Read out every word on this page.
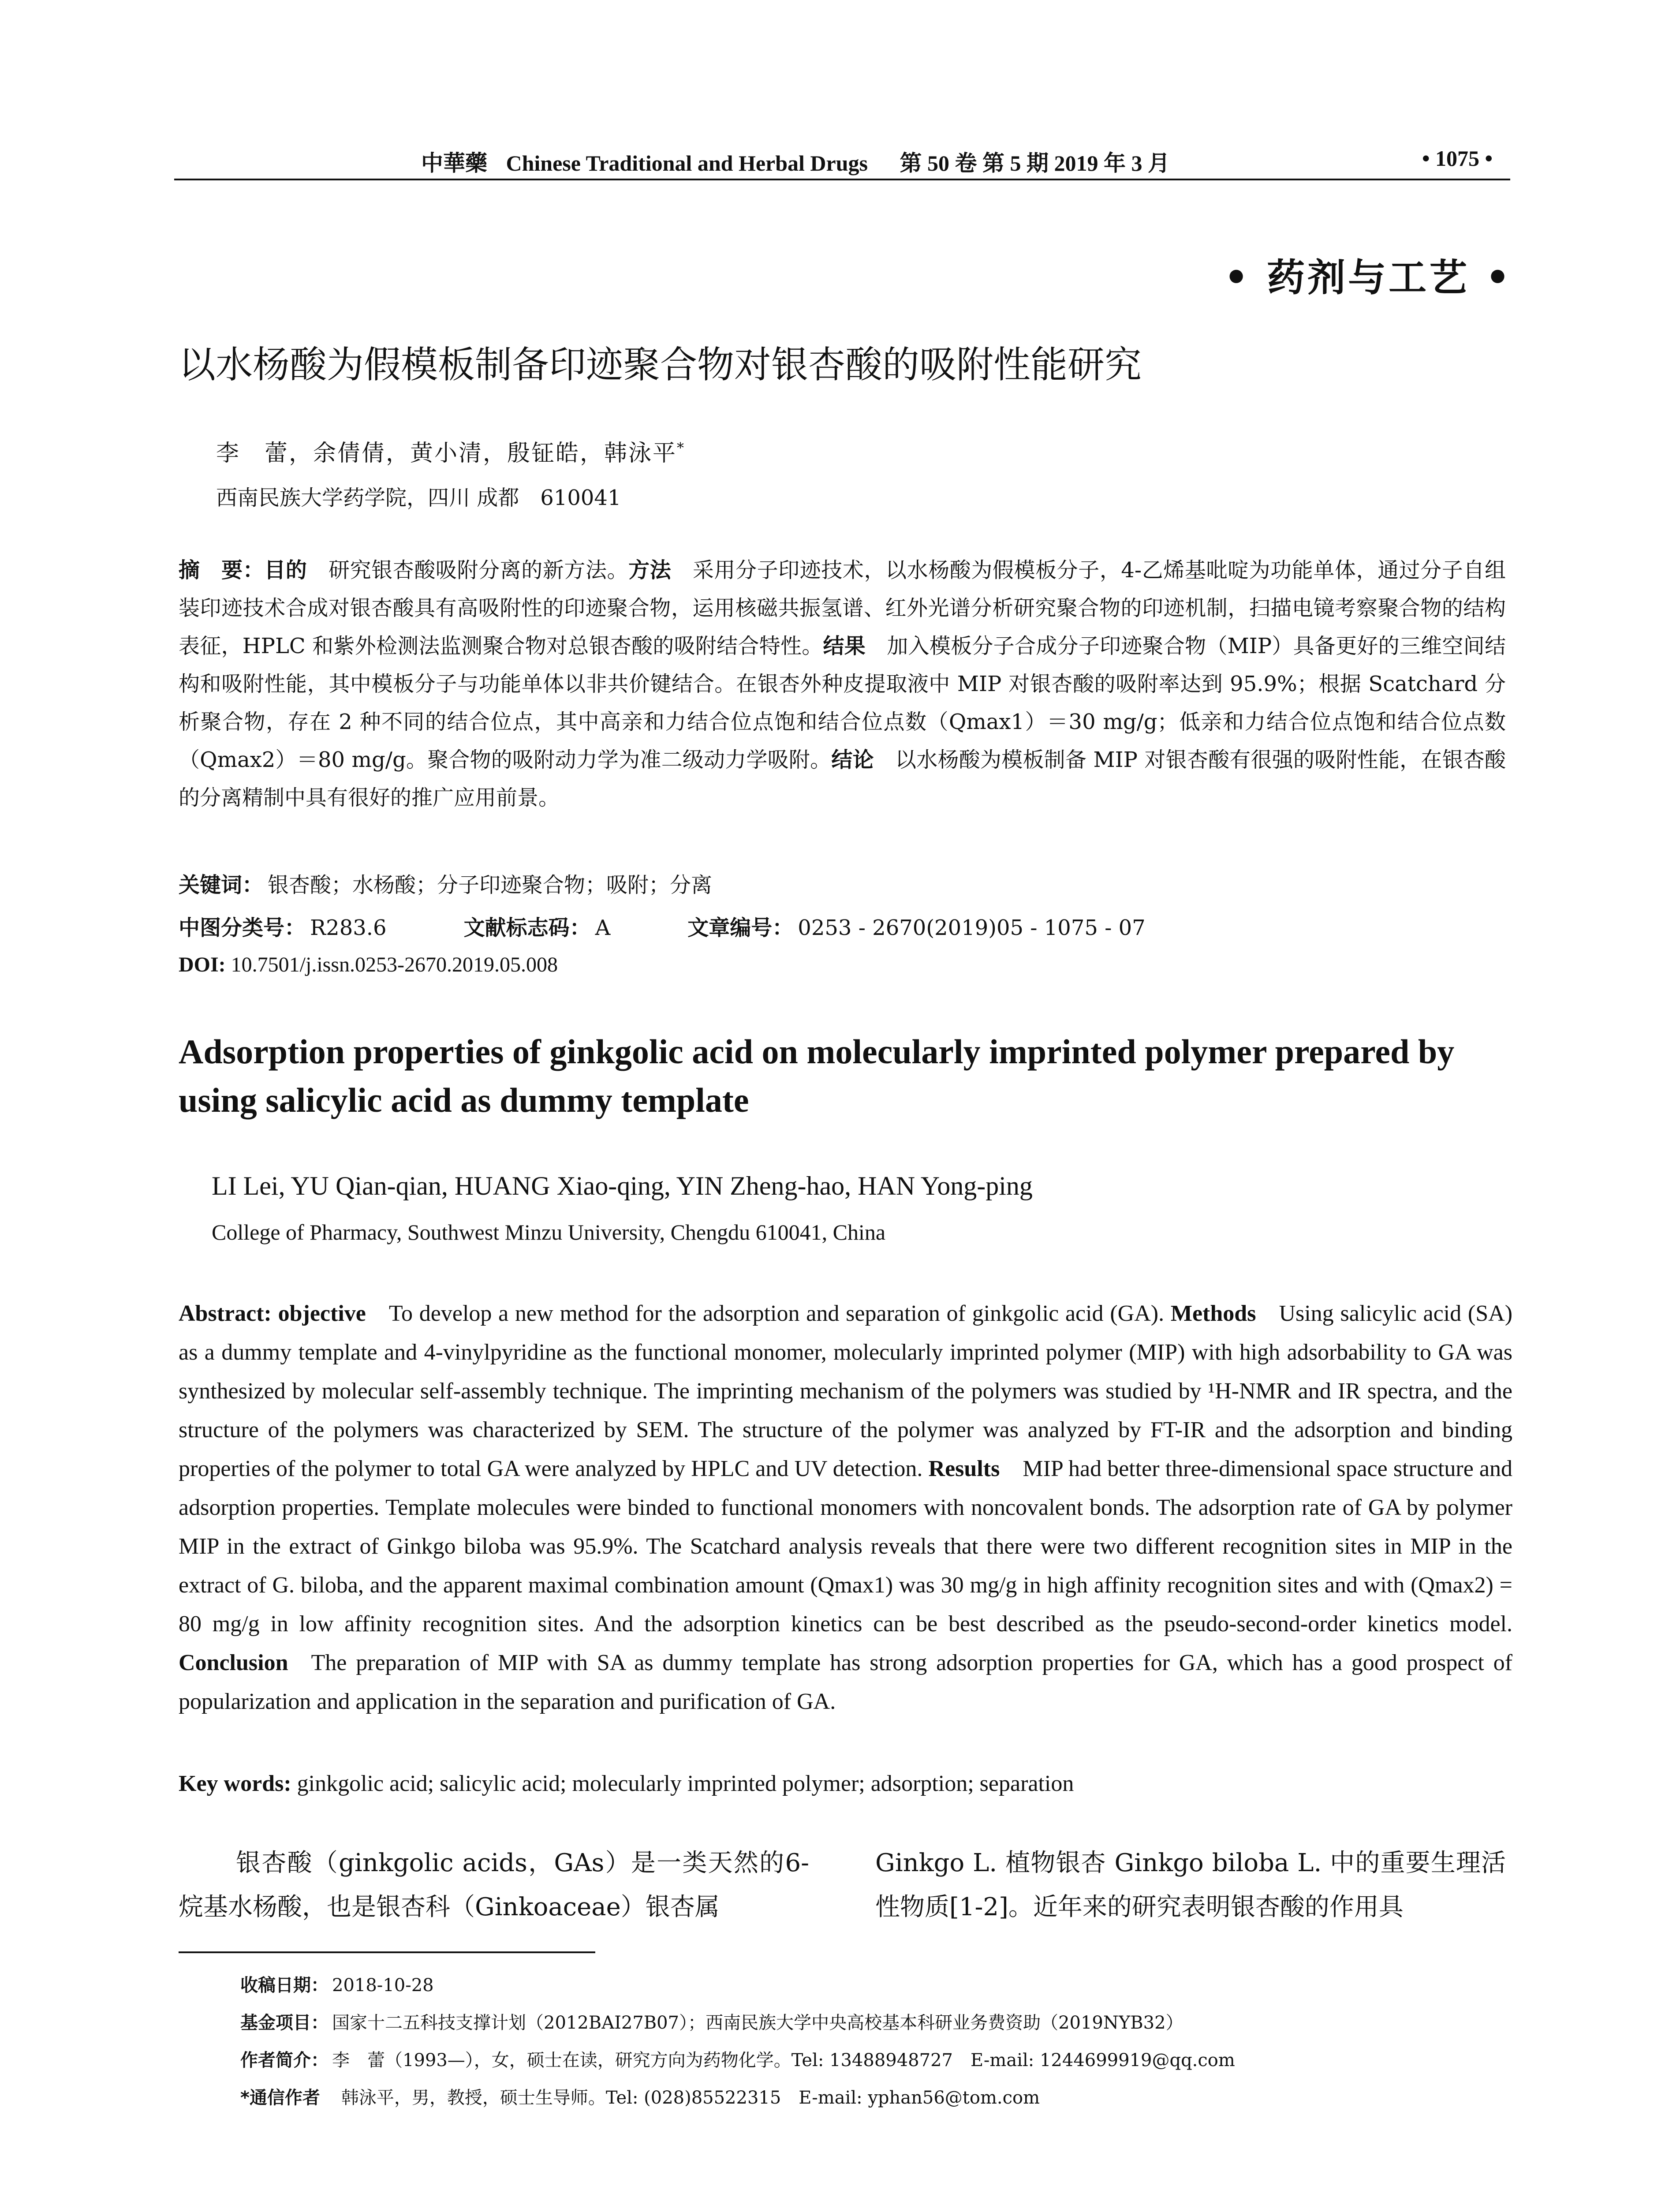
中華藥 Chinese Traditional and Herbal Drugs 第 50 卷 第 5 期 2019 年 3 月	• 1075 •
• 药剂与工艺 •
以水杨酸为假模板制备印迹聚合物对银杏酸的吸附性能研究
李　蕾，余倩倩，黄小清，殷钲皓，韩泳平*
西南民族大学药学院，四川 成都　610041
摘　要：目的  研究银杏酸吸附分离的新方法。方法  采用分子印迹技术，以水杨酸为假模板分子，4-乙烯基吡啶为功能单体，通过分子自组装印迹技术合成对银杏酸具有高吸附性的印迹聚合物，运用核磁共振氢谱、红外光谱分析研究聚合物的印迹机制，扫描电镜考察聚合物的结构表征，HPLC 和紫外检测法监测聚合物对总银杏酸的吸附结合特性。结果  加入模板分子合成分子印迹聚合物（MIP）具备更好的三维空间结构和吸附性能，其中模板分子与功能单体以非共价键结合。在银杏外种皮提取液中 MIP 对银杏酸的吸附率达到 95.9%；根据 Scatchard 分析聚合物，存在 2 种不同的结合位点，其中高亲和力结合位点饱和结合位点数（Qmax1）＝30 mg/g；低亲和力结合位点饱和结合位点数（Qmax2）＝80 mg/g。聚合物的吸附动力学为准二级动力学吸附。结论  以水杨酸为模板制备 MIP 对银杏酸有很强的吸附性能，在银杏酸的分离精制中具有很好的推广应用前景。
关键词： 银杏酸；水杨酸；分子印迹聚合物；吸附；分离
中图分类号： R283.6	文献标志码： A	文章编号： 0253 - 2670(2019)05 - 1075 - 07
DOI: 10.7501/j.issn.0253-2670.2019.05.008
Adsorption properties of ginkgolic acid on molecularly imprinted polymer prepared by using salicylic acid as dummy template
LI Lei, YU Qian-qian, HUANG Xiao-qing, YIN Zheng-hao, HAN Yong-ping
College of Pharmacy, Southwest Minzu University, Chengdu 610041, China
Abstract: objective   To develop a new method for the adsorption and separation of ginkgolic acid (GA). Methods   Using salicylic acid (SA) as a dummy template and 4-vinylpyridine as the functional monomer, molecularly imprinted polymer (MIP) with high adsorbability to GA was synthesized by molecular self-assembly technique. The imprinting mechanism of the polymers was studied by ¹H-NMR and IR spectra, and the structure of the polymers was characterized by SEM. The structure of the polymer was analyzed by FT-IR and the adsorption and binding properties of the polymer to total GA were analyzed by HPLC and UV detection. Results   MIP had better three-dimensional space structure and adsorption properties. Template molecules were binded to functional monomers with noncovalent bonds. The adsorption rate of GA by polymer MIP in the extract of Ginkgo biloba was 95.9%. The Scatchard analysis reveals that there were two different recognition sites in MIP in the extract of G. biloba, and the apparent maximal combination amount (Qmax1) was 30 mg/g in high affinity recognition sites and with (Qmax2) = 80 mg/g in low affinity recognition sites. And the adsorption kinetics can be best described as the pseudo-second-order kinetics model. Conclusion   The preparation of MIP with SA as dummy template has strong adsorption properties for GA, which has a good prospect of popularization and application in the separation and purification of GA.
Key words: ginkgolic acid; salicylic acid; molecularly imprinted polymer; adsorption; separation
银杏酸（ginkgolic acids，GAs）是一类天然的6-烷基水杨酸，也是银杏科（Ginkoaceae）银杏属
Ginkgo L. 植物银杏 Ginkgo biloba L. 中的重要生理活性物质[1-2]。近年来的研究表明银杏酸的作用具
收稿日期： 2018-10-28
基金项目： 国家十二五科技支撑计划（2012BAI27B07）；西南民族大学中央高校基本科研业务费资助（2019NYB32）
作者简介： 李　蕾（1993—），女，硕士在读，研究方向为药物化学。Tel: 13488948727　E-mail: 1244699919@qq.com
*通信作者  韩泳平，男，教授，硕士生导师。Tel: (028)85522315　E-mail: yphan56@tom.com
